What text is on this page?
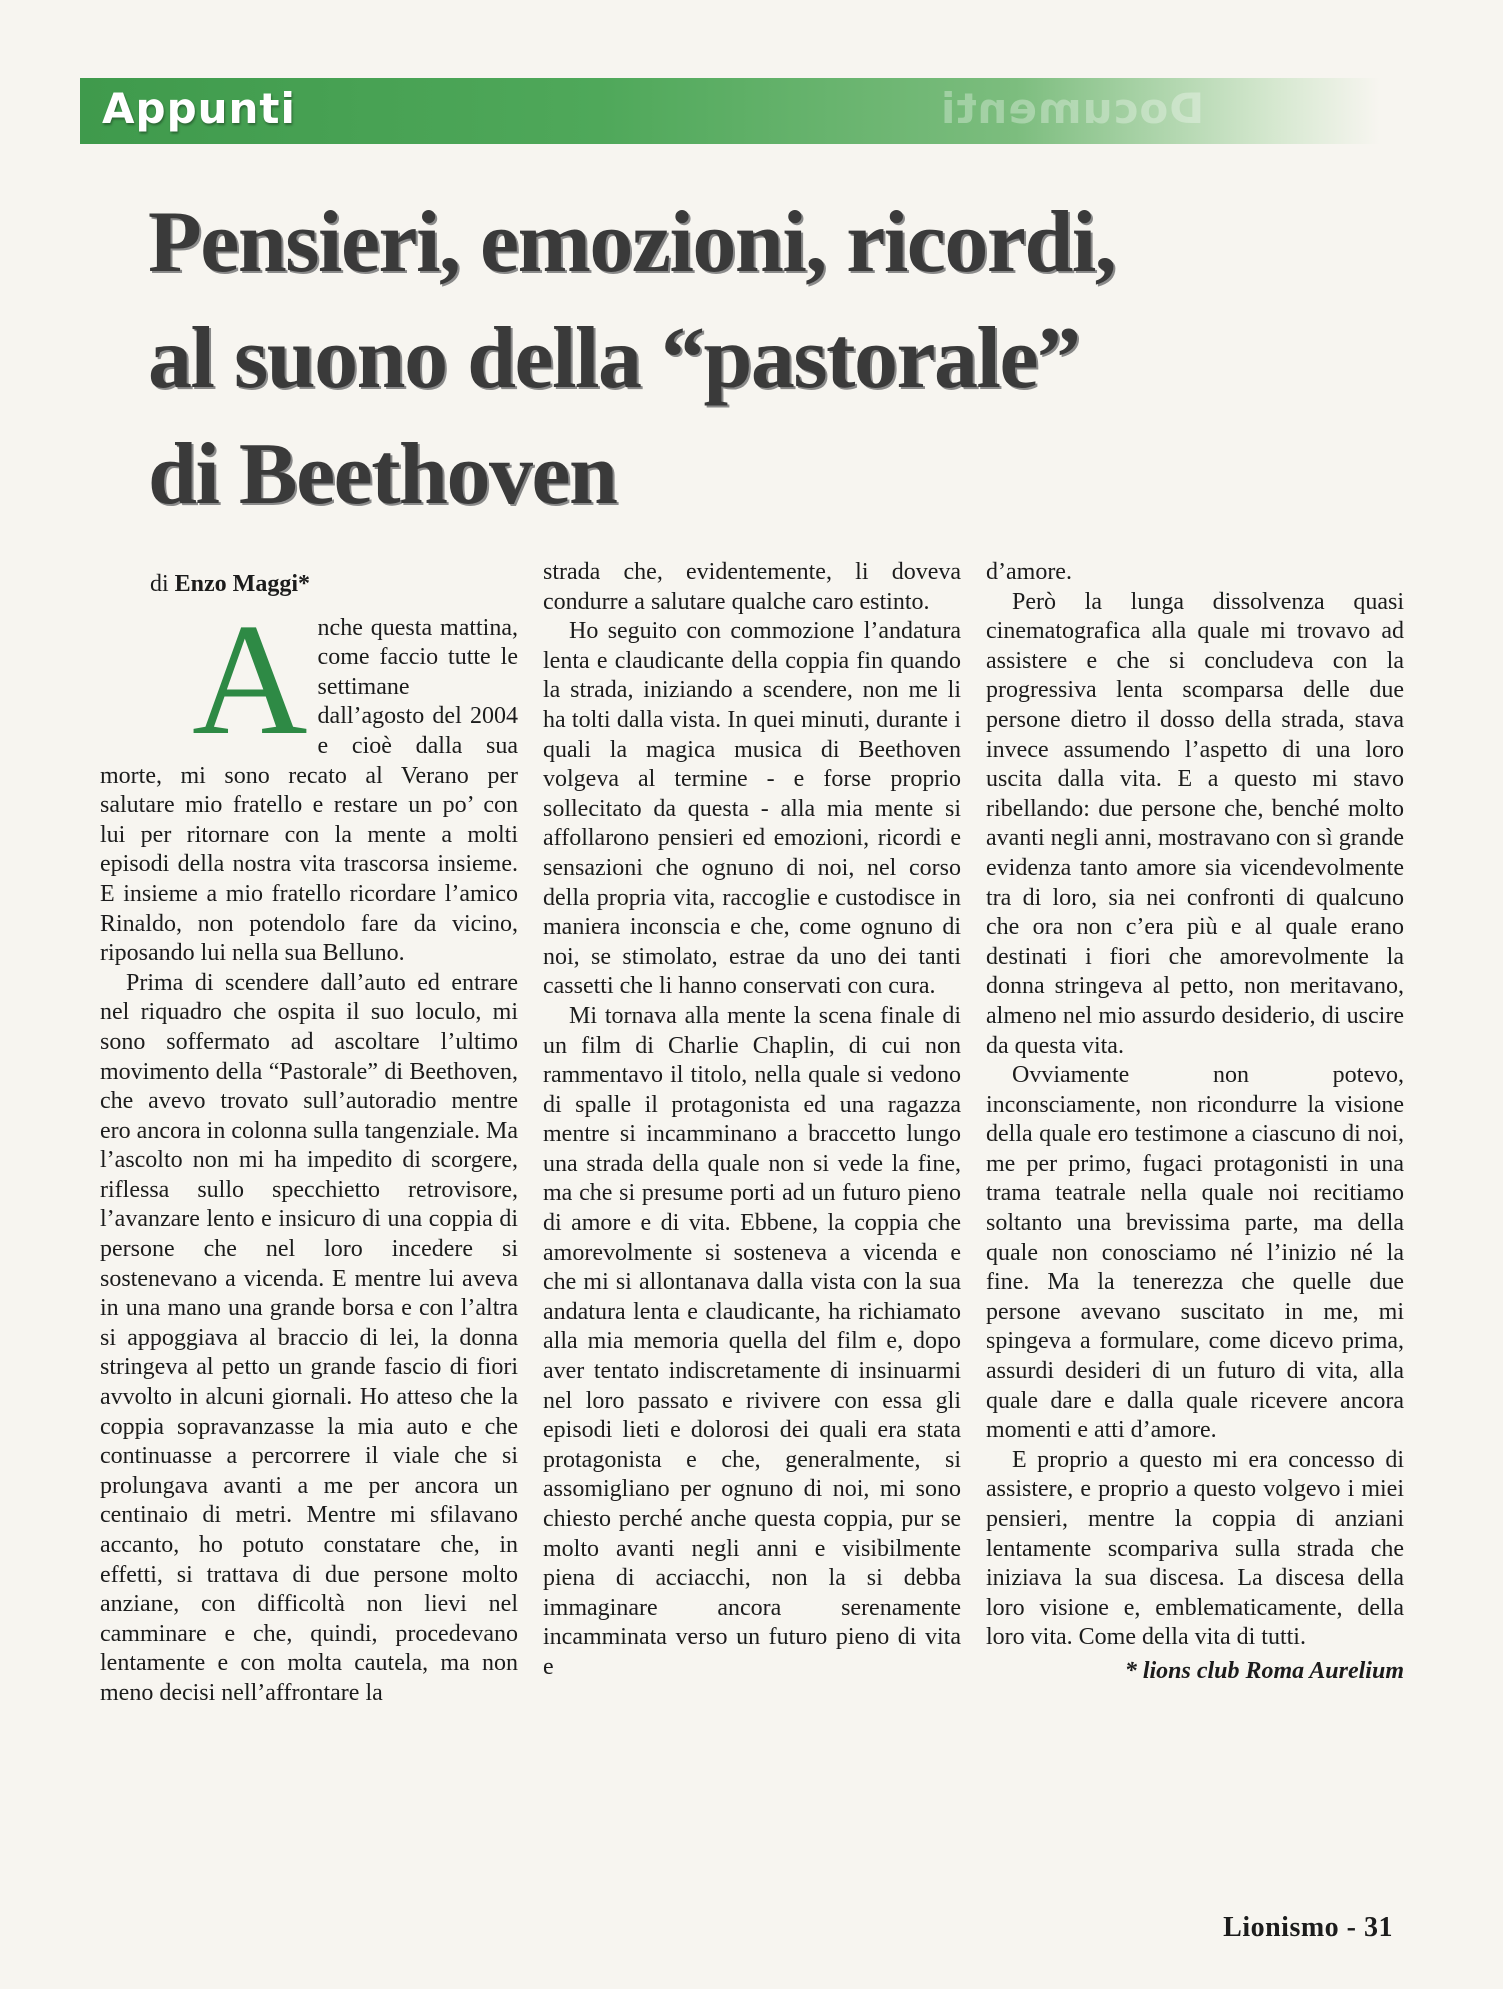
Appunti	Documenti
Pensieri, emozioni, ricordi,
al suono della “pastorale”
di Beethoven
di Enzo Maggi*

Anche questa mattina, come faccio tutte le settimane dall’agosto del 2004 e cioè dalla sua morte, mi sono recato al Verano per salutare mio fratello e restare un po’ con lui per ritornare con la mente a molti episodi della nostra vita trascorsa insieme. E insieme a mio fratello ricordare l’amico Rinaldo, non potendolo fare da vicino, riposando lui nella sua Belluno.

Prima di scendere dall’auto ed entrare nel riquadro che ospita il suo loculo, mi sono soffermato ad ascoltare l’ultimo movimento della “Pastorale” di Beethoven, che avevo trovato sull’autoradio mentre ero ancora in colonna sulla tangenziale. Ma l’ascolto non mi ha impedito di scorgere, riflessa sullo specchietto retrovisore, l’avanzare lento e insicuro di una coppia di persone che nel loro incedere si sostenevano a vicenda. E mentre lui aveva in una mano una grande borsa e con l’altra si appoggiava al braccio di lei, la donna stringeva al petto un grande fascio di fiori avvolto in alcuni giornali. Ho atteso che la coppia sopravanzasse la mia auto e che continuasse a percorrere il viale che si prolungava avanti a me per ancora un centinaio di metri. Mentre mi sfilavano accanto, ho potuto constatare che, in effetti, si trattava di due persone molto anziane, con difficoltà non lievi nel camminare e che, quindi, procedevano lentamente e con molta cautela, ma non meno decisi nell’affrontare la

strada che, evidentemente, li doveva condurre a salutare qualche caro estinto.

Ho seguito con commozione l’andatura lenta e claudicante della coppia fin quando la strada, iniziando a scendere, non me li ha tolti dalla vista. In quei minuti, durante i quali la magica musica di Beethoven volgeva al termine - e forse proprio sollecitato da questa - alla mia mente si affollarono pensieri ed emozioni, ricordi e sensazioni che ognuno di noi, nel corso della propria vita, raccoglie e custodisce in maniera inconscia e che, come ognuno di noi, se stimolato, estrae da uno dei tanti cassetti che li hanno conservati con cura.

Mi tornava alla mente la scena finale di un film di Charlie Chaplin, di cui non rammentavo il titolo, nella quale si vedono di spalle il protagonista ed una ragazza mentre si incamminano a braccetto lungo una strada della quale non si vede la fine, ma che si presume porti ad un futuro pieno di amore e di vita. Ebbene, la coppia che amorevolmente si sosteneva a vicenda e che mi si allontanava dalla vista con la sua andatura lenta e claudicante, ha richiamato alla mia memoria quella del film e, dopo aver tentato indiscretamente di insinuarmi nel loro passato e rivivere con essa gli episodi lieti e dolorosi dei quali era stata protagonista e che, generalmente, si assomigliano per ognuno di noi, mi sono chiesto perché anche questa coppia, pur se molto avanti negli anni e visibilmente piena di acciacchi, non la si debba immaginare ancora serenamente incamminata verso un futuro pieno di vita e

d’amore.

Però la lunga dissolvenza quasi cinematografica alla quale mi trovavo ad assistere e che si concludeva con la progressiva lenta scomparsa delle due persone dietro il dosso della strada, stava invece assumendo l’aspetto di una loro uscita dalla vita. E a questo mi stavo ribellando: due persone che, benché molto avanti negli anni, mostravano con sì grande evidenza tanto amore sia vicendevolmente tra di loro, sia nei confronti di qualcuno che ora non c’era più e al quale erano destinati i fiori che amorevolmente la donna stringeva al petto, non meritavano, almeno nel mio assurdo desiderio, di uscire da questa vita.

Ovviamente non potevo, inconsciamente, non ricondurre la visione della quale ero testimone a ciascuno di noi, me per primo, fugaci protagonisti in una trama teatrale nella quale noi recitiamo soltanto una brevissima parte, ma della quale non conosciamo né l’inizio né la fine. Ma la tenerezza che quelle due persone avevano suscitato in me, mi spingeva a formulare, come dicevo prima, assurdi desideri di un futuro di vita, alla quale dare e dalla quale ricevere ancora momenti e atti d’amore.

E proprio a questo mi era concesso di assistere, e proprio a questo volgevo i miei pensieri, mentre la coppia di anziani lentamente scompariva sulla strada che iniziava la sua discesa. La discesa della loro visione e, emblematicamente, della loro vita. Come della vita di tutti.

* lions club Roma Aurelium
Lionismo - 31
